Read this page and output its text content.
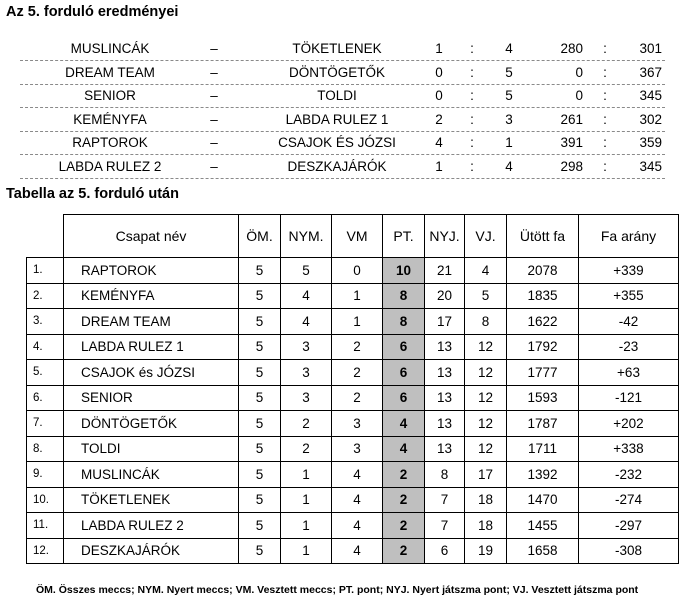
Az 5. forduló eredményei
MUSLINCÁK	–	TÖKETLENEK	1	:	4	280 :	301
DREAM TEAM	–	DÖNTÖGETŐK	0	:	5	0 :	367
SENIOR	–	TOLDI	0	:	5	0 :	345
KEMÉNYFA	–	LABDA RULEZ 1	2	:	3	261 :	302
RAPTOROK	–	CSAJOK ÉS JÓZSI	4	:	1	391 :	359
LABDA RULEZ 2	–	DESZKAJÁRÓK	1	:	4	298 :	345
Tabella az 5. forduló után
	Csapat név	ÖM.	NYM.	VM	PT.	NYJ.	VJ.	Ütött fa	Fa arány
1.	RAPTOROK	5	5	0	10	21	4	2078	+339
2.	KEMÉNYFA	5	4	1	8	20	5	1835	+355
3.	DREAM TEAM	5	4	1	8	17	8	1622	-42
4.	LABDA RULEZ 1	5	3	2	6	13	12	1792	-23
5.	CSAJOK és JÓZSI	5	3	2	6	13	12	1777	+63
6.	SENIOR	5	3	2	6	13	12	1593	-121
7.	DÖNTÖGETŐK	5	2	3	4	13	12	1787	+202
8.	TOLDI	5	2	3	4	13	12	1711	+338
9.	MUSLINCÁK	5	1	4	2	8	17	1392	-232
10.	TÖKETLENEK	5	1	4	2	7	18	1470	-274
11.	LABDA RULEZ 2	5	1	4	2	7	18	1455	-297
12.	DESZKAJÁRÓK	5	1	4	2	6	19	1658	-308
ÖM. Összes meccs; NYM. Nyert meccs; VM. Vesztett meccs; PT. pont; NYJ. Nyert játszma pont; VJ. Vesztett játszma pont
